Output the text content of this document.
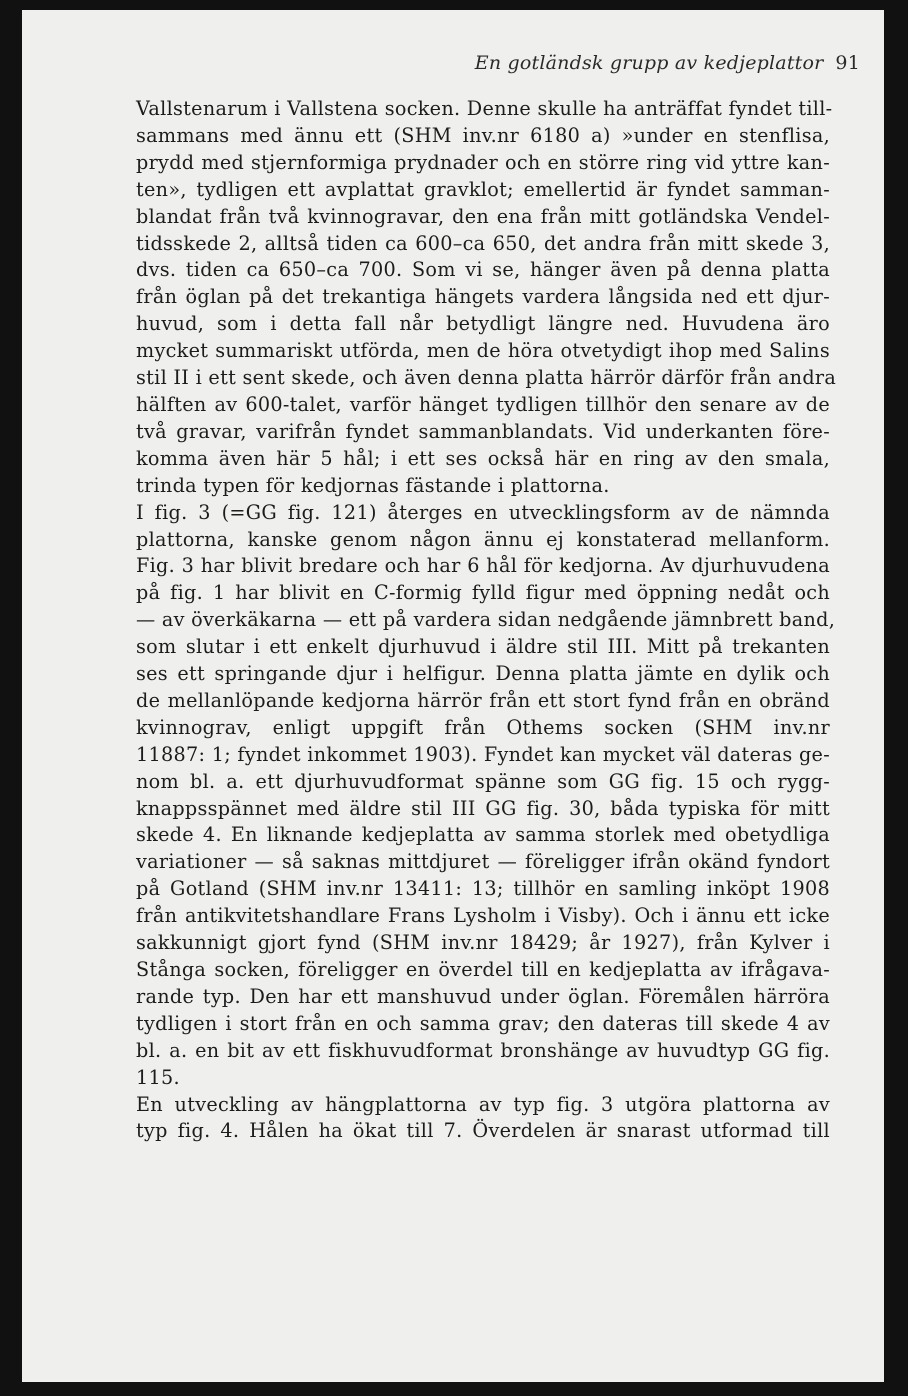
En gotländsk grupp av kedjeplattor 91
Vallstenarum i Vallstena socken. Denne skulle ha anträffat fyndet till-
sammans med ännu ett (SHM inv.nr 6180 a) »under en stenflisa,
prydd med stjernformiga prydnader och en större ring vid yttre kan-
ten», tydligen ett avplattat gravklot; emellertid är fyndet samman-
blandat från två kvinnogravar, den ena från mitt gotländska Vendel-
tidsskede 2, alltså tiden ca 600–ca 650, det andra från mitt skede 3,
dvs. tiden ca 650–ca 700. Som vi se, hänger även på denna platta
från öglan på det trekantiga hängets vardera långsida ned ett djur-
huvud, som i detta fall når betydligt längre ned. Huvudena äro
mycket summariskt utförda, men de höra otvetydigt ihop med Salins
stil II i ett sent skede, och även denna platta härrör därför från andra
hälften av 600-talet, varför hänget tydligen tillhör den senare av de
två gravar, varifrån fyndet sammanblandats. Vid underkanten före-
komma även här 5 hål; i ett ses också här en ring av den smala,
trinda typen för kedjornas fästande i plattorna.
I fig. 3 (=GG fig. 121) återges en utvecklingsform av de nämnda
plattorna, kanske genom någon ännu ej konstaterad mellanform.
Fig. 3 har blivit bredare och har 6 hål för kedjorna. Av djurhuvudena
på fig. 1 har blivit en C-formig fylld figur med öppning nedåt och
— av överkäkarna — ett på vardera sidan nedgående jämnbrett band,
som slutar i ett enkelt djurhuvud i äldre stil III. Mitt på trekanten
ses ett springande djur i helfigur. Denna platta jämte en dylik och
de mellanlöpande kedjorna härrör från ett stort fynd från en obränd
kvinnograv, enligt uppgift från Othems socken (SHM inv.nr
11887: 1; fyndet inkommet 1903). Fyndet kan mycket väl dateras ge-
nom bl. a. ett djurhuvudformat spänne som GG fig. 15 och rygg-
knappsspännet med äldre stil III GG fig. 30, båda typiska för mitt
skede 4. En liknande kedjeplatta av samma storlek med obetydliga
variationer — så saknas mittdjuret — föreligger ifrån okänd fyndort
på Gotland (SHM inv.nr 13411: 13; tillhör en samling inköpt 1908
från antikvitetshandlare Frans Lysholm i Visby). Och i ännu ett icke
sakkunnigt gjort fynd (SHM inv.nr 18429; år 1927), från Kylver i
Stånga socken, föreligger en överdel till en kedjeplatta av ifrågava-
rande typ. Den har ett manshuvud under öglan. Föremålen härröra
tydligen i stort från en och samma grav; den dateras till skede 4 av
bl. a. en bit av ett fiskhuvudformat bronshänge av huvudtyp GG fig.
115.
En utveckling av hängplattorna av typ fig. 3 utgöra plattorna av
typ fig. 4. Hålen ha ökat till 7. Överdelen är snarast utformad till
